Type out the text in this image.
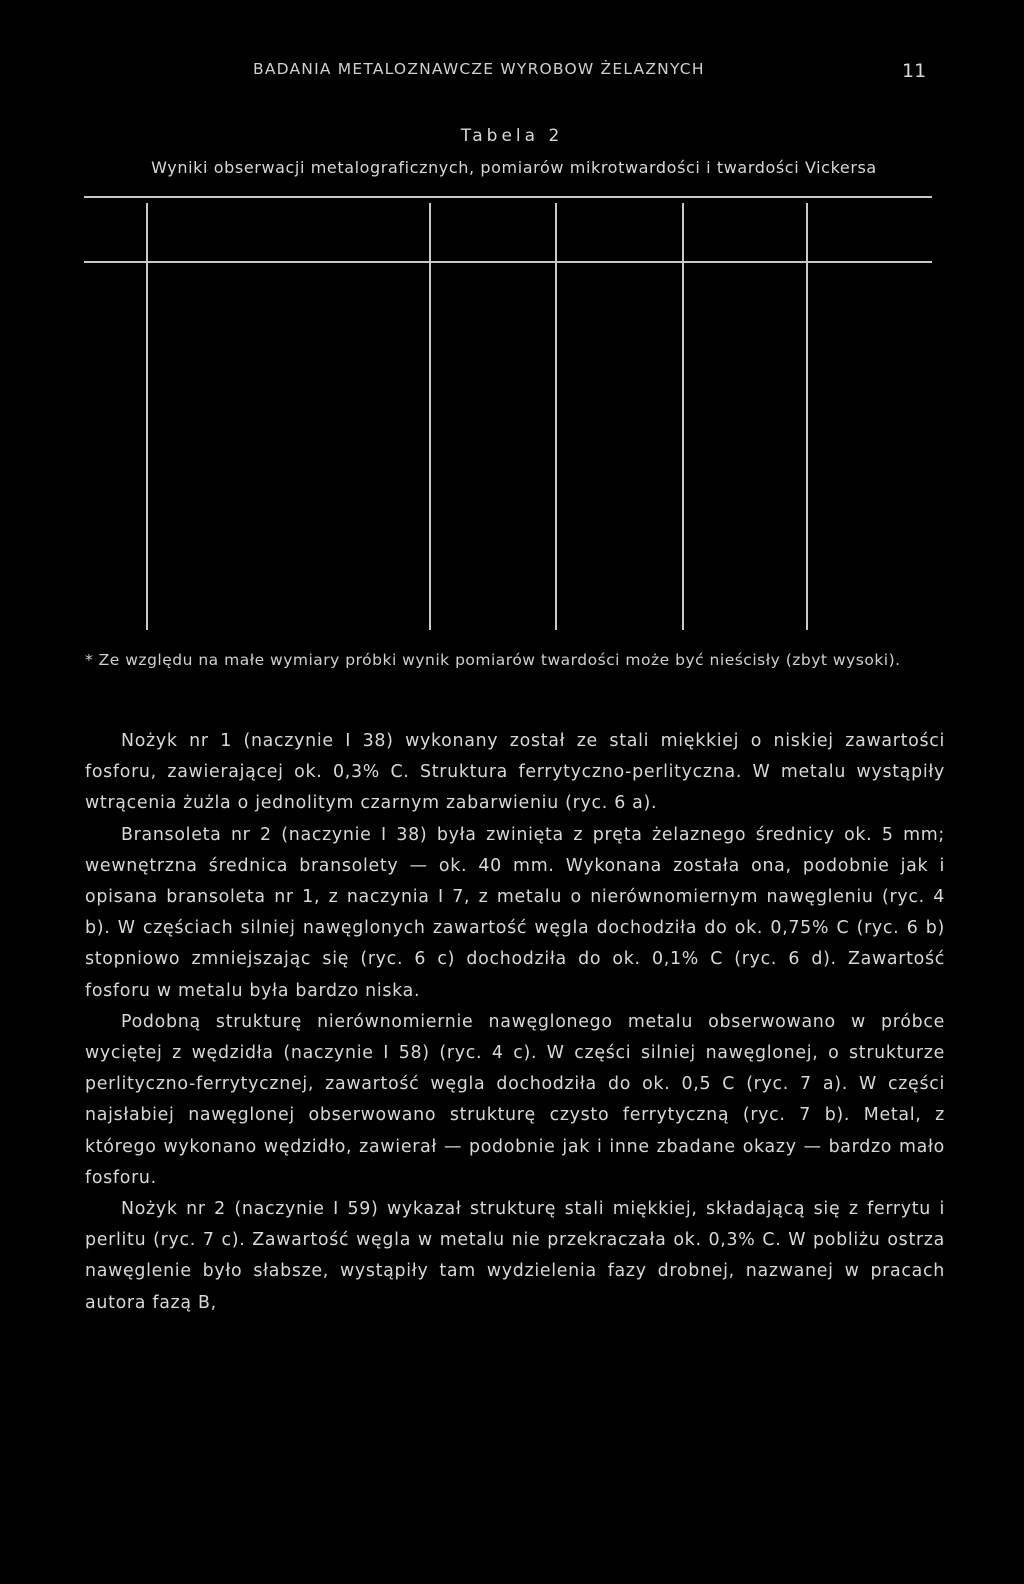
BADANIA METALOZNAWCZE WYROBOW ŻELAZNYCH	11
Tabela 2
Wyniki obserwacji metalograficznych, pomiarów mikrotwardości i twardości Vickersa
* Ze względu na małe wymiary próbki wynik pomiarów twardości może być nieścisły (zbyt wysoki).

Nożyk nr 1 (naczynie I 38) wykonany został ze stali miękkiej o niskiej zawartości fosforu, zawierającej ok. 0,3% C. Struktura ferrytyczno-perlityczna. W metalu wystąpiły wtrącenia żużla o jednolitym czarnym zabarwieniu (ryc. 6 a).

Bransoleta nr 2 (naczynie I 38) była zwinięta z pręta żelaznego średnicy ok. 5 mm; wewnętrzna średnica bransolety — ok. 40 mm. Wykonana została ona, podobnie jak i opisana bransoleta nr 1, z naczynia I 7, z metalu o nierównomiernym nawęgleniu (ryc. 4 b). W częściach silniej nawęglonych zawartość węgla dochodziła do ok. 0,75% C (ryc. 6 b) stopniowo zmniejszając się (ryc. 6 c) dochodziła do ok. 0,1% C (ryc. 6 d). Zawartość fosforu w metalu była bardzo niska.

Podobną strukturę nierównomiernie nawęglonego metalu obserwowano w próbce wyciętej z wędzidła (naczynie I 58) (ryc. 4 c). W części silniej nawęglonej, o strukturze perlityczno-ferrytycznej, zawartość węgla dochodziła do ok. 0,5 C (ryc. 7 a). W części najsłabiej nawęglonej obserwowano strukturę czysto ferrytyczną (ryc. 7 b). Metal, z którego wykonano wędzidło, zawierał — podobnie jak i inne zbadane okazy — bardzo mało fosforu.

Nożyk nr 2 (naczynie I 59) wykazał strukturę stali miękkiej, składającą się z ferrytu i perlitu (ryc. 7 c). Zawartość węgla w metalu nie przekraczała ok. 0,3% C. W pobliżu ostrza nawęglenie było słabsze, wystąpiły tam wydzielenia fazy drobnej, nazwanej w pracach autora fazą B,
